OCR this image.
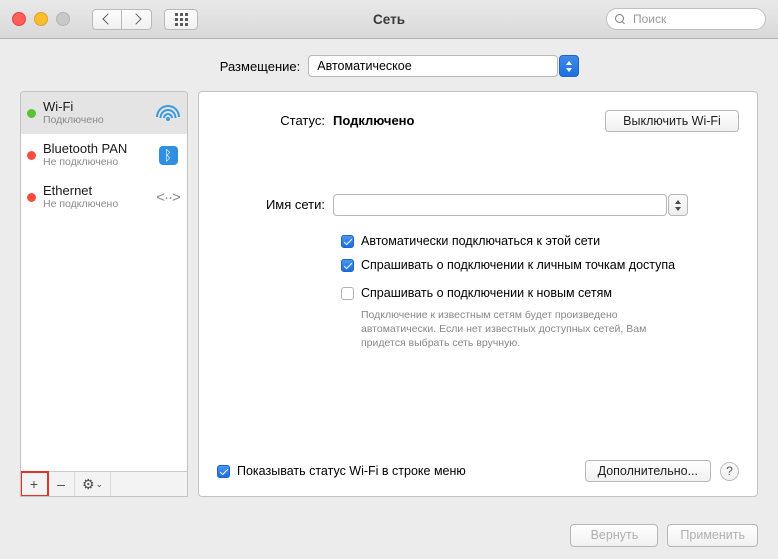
Сеть
Поиск
Размещение: Автоматическое
Wi-Fi
Подключено
Bluetooth PAN
Не подключено	ᛒ
Ethernet
Не подключено	<··>
+	–	⚙ ⌄
Выключить Wi-Fi
Статус: Подключено
Имя сети:
Автоматически подключаться к этой сети
Спрашивать о подключении к личным точкам доступа
Спрашивать о подключении к новым сетям
Подключение к известным сетям будет произведено автоматически. Если нет известных доступных сетей, Вам придется выбрать сеть вручную.
Показывать статус Wi-Fi в строке меню	Дополнительно...	?
Вернуть	Применить
